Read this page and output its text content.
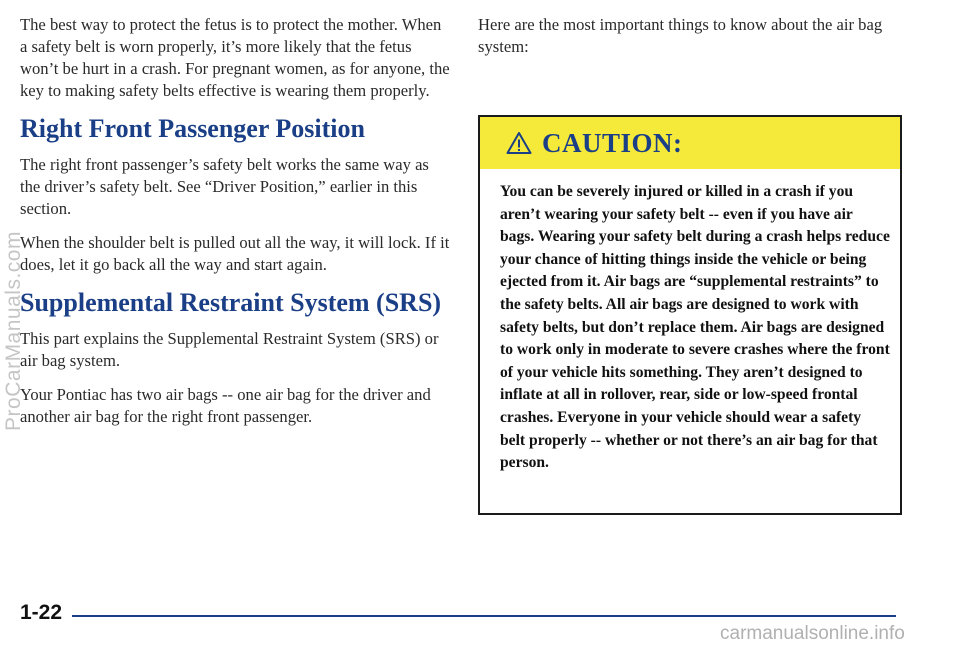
The best way to protect the fetus is to protect the mother. When a safety belt is worn properly, it’s more likely that the fetus won’t be hurt in a crash. For pregnant women, as for anyone, the key to making safety belts effective is wearing them properly.

Right Front Passenger Position

The right front passenger’s safety belt works the same way as the driver’s safety belt. See “Driver Position,” earlier in this section.

When the shoulder belt is pulled out all the way, it will lock. If it does, let it go back all the way and start again.

Supplemental Restraint System (SRS)

This part explains the Supplemental Restraint System (SRS) or air bag system.

Your Pontiac has two air bags -- one air bag for the driver and another air bag for the right front passenger.

Here are the most important things to know about the air bag system:

CAUTION:
You can be severely injured or killed in a crash if you aren’t wearing your safety belt -- even if you have air bags. Wearing your safety belt during a crash helps reduce your chance of hitting things inside the vehicle or being ejected from it. Air bags are “supplemental restraints” to the safety belts. All air bags are designed to work with safety belts, but don’t replace them. Air bags are designed to work only in moderate to severe crashes where the front of your vehicle hits something. They aren’t designed to inflate at all in rollover, rear, side or low-speed frontal crashes. Everyone in your vehicle should wear a safety belt properly -- whether or not there’s an air bag for that person.
1-22
ProCarManuals.com
carmanualsonline.info
